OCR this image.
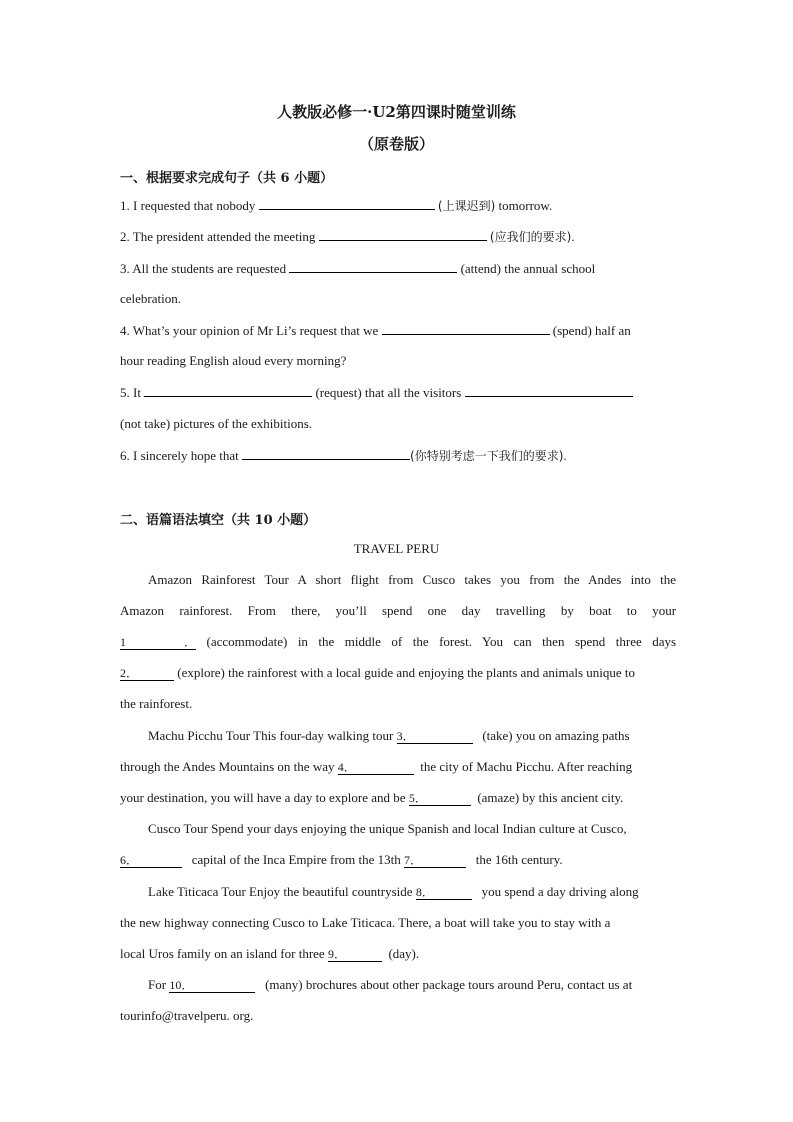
人教版必修一·U2第四课时随堂训练
（原卷版）
一、根据要求完成句子（共 6 小题）
1. I requested that nobody	(上课迟到) tomorrow.
2. The president attended the meeting	(应我们的要求).
3. All the students are requested	(attend) the annual school
celebration.
4. What’s your opinion of Mr Li’s request that we	(spend) half an
hour reading English aloud every morning?
5. It	(request) that all the visitors
(not take) pictures of the exhibitions.
6. I sincerely hope that	(你特别考虑一下我们的要求).
二、语篇语法填空（共 10 小题）
TRAVEL PERU
Amazon Rainforest Tour A short flight from Cusco takes you from the Andes into the
Amazon rainforest. From there, you’ll spend one day travelling by boat to your
1． (accommodate) in the middle of the forest. You can then spend three days
2．	(explore) the rainforest with a local guide and enjoying the plants and animals unique to
the rainforest.
Machu Picchu Tour This four-day walking tour 3．	(take) you on amazing paths
through the Andes Mountains on the way 4．	the city of Machu Picchu. After reaching
your destination, you will have a day to explore and be 5．	(amaze) by this ancient city.
Cusco Tour Spend your days enjoying the unique Spanish and local Indian culture at Cusco,
6．	capital of the Inca Empire from the 13th 7．	the 16th century.
Lake Titicaca Tour Enjoy the beautiful countryside 8．	you spend a day driving along
the new highway connecting Cusco to Lake Titicaca. There, a boat will take you to stay with a
local Uros family on an island for three 9．	(day).
For 10．	(many) brochures about other package tours around Peru, contact us at
tourinfo@travelperu. org.
